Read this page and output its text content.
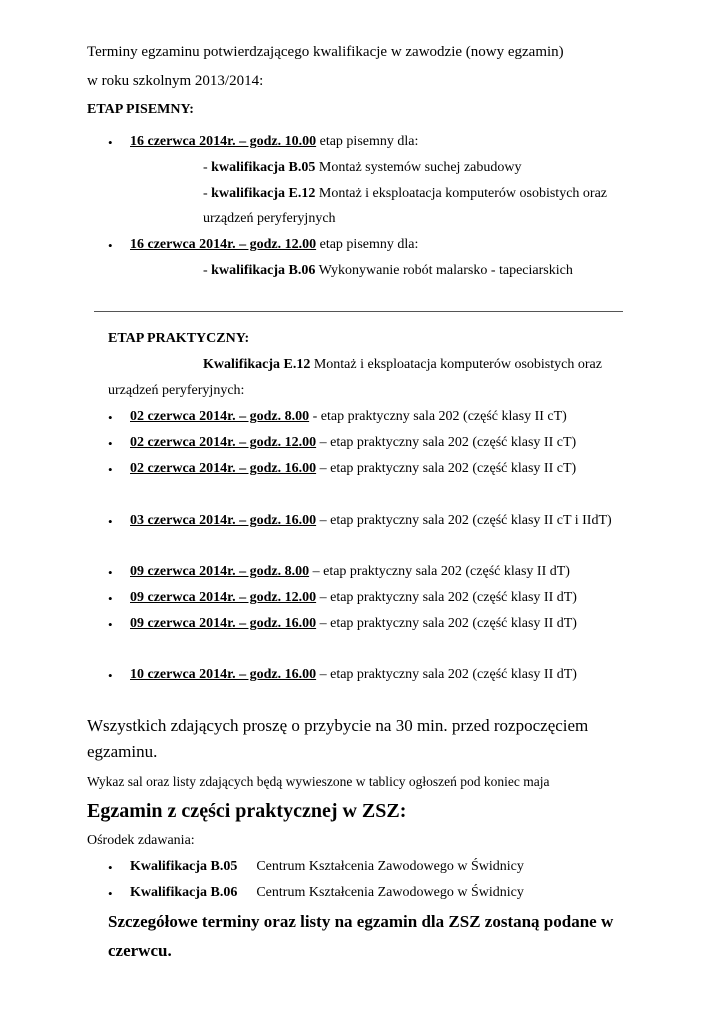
Terminy egzaminu potwierdzającego kwalifikacje w zawodzie (nowy egzamin)
w roku szkolnym 2013/2014:
ETAP PISEMNY:
• 16 czerwca 2014r. – godz. 10.00 etap pisemny dla:
- kwalifikacja B.05 Montaż systemów suchej zabudowy
- kwalifikacja E.12 Montaż i eksploatacja komputerów osobistych oraz
urządzeń peryferyjnych
• 16 czerwca 2014r. – godz. 12.00 etap pisemny dla:
- kwalifikacja B.06 Wykonywanie robót malarsko - tapeciarskich
ETAP PRAKTYCZNY:
Kwalifikacja E.12 Montaż i eksploatacja komputerów osobistych oraz
urządzeń peryferyjnych:
• 02 czerwca 2014r. – godz. 8.00 - etap praktyczny sala 202 (część klasy II cT)
• 02 czerwca 2014r. – godz. 12.00 – etap praktyczny sala 202 (część klasy II cT)
• 02 czerwca 2014r. – godz. 16.00 – etap praktyczny sala 202 (część klasy II cT)
• 03 czerwca 2014r. – godz. 16.00 – etap praktyczny sala 202 (część klasy II cT i IIdT)
• 09 czerwca 2014r. – godz. 8.00 – etap praktyczny sala 202 (część klasy II dT)
• 09 czerwca 2014r. – godz. 12.00 – etap praktyczny sala 202 (część klasy II dT)
• 09 czerwca 2014r. – godz. 16.00 – etap praktyczny sala 202 (część klasy II dT)
• 10 czerwca 2014r. – godz. 16.00 – etap praktyczny sala 202 (część klasy II dT)
Wszystkich zdających proszę o przybycie na 30 min. przed rozpoczęciem
egzaminu.
Wykaz sal oraz listy zdających będą wywieszone w tablicy ogłoszeń pod koniec maja
Egzamin z części praktycznej w ZSZ:
Ośrodek zdawania:
• Kwalifikacja B.05 Centrum Kształcenia Zawodowego w Świdnicy
• Kwalifikacja B.06 Centrum Kształcenia Zawodowego w Świdnicy
Szczegółowe terminy oraz listy na egzamin dla ZSZ zostaną podane w
czerwcu.
